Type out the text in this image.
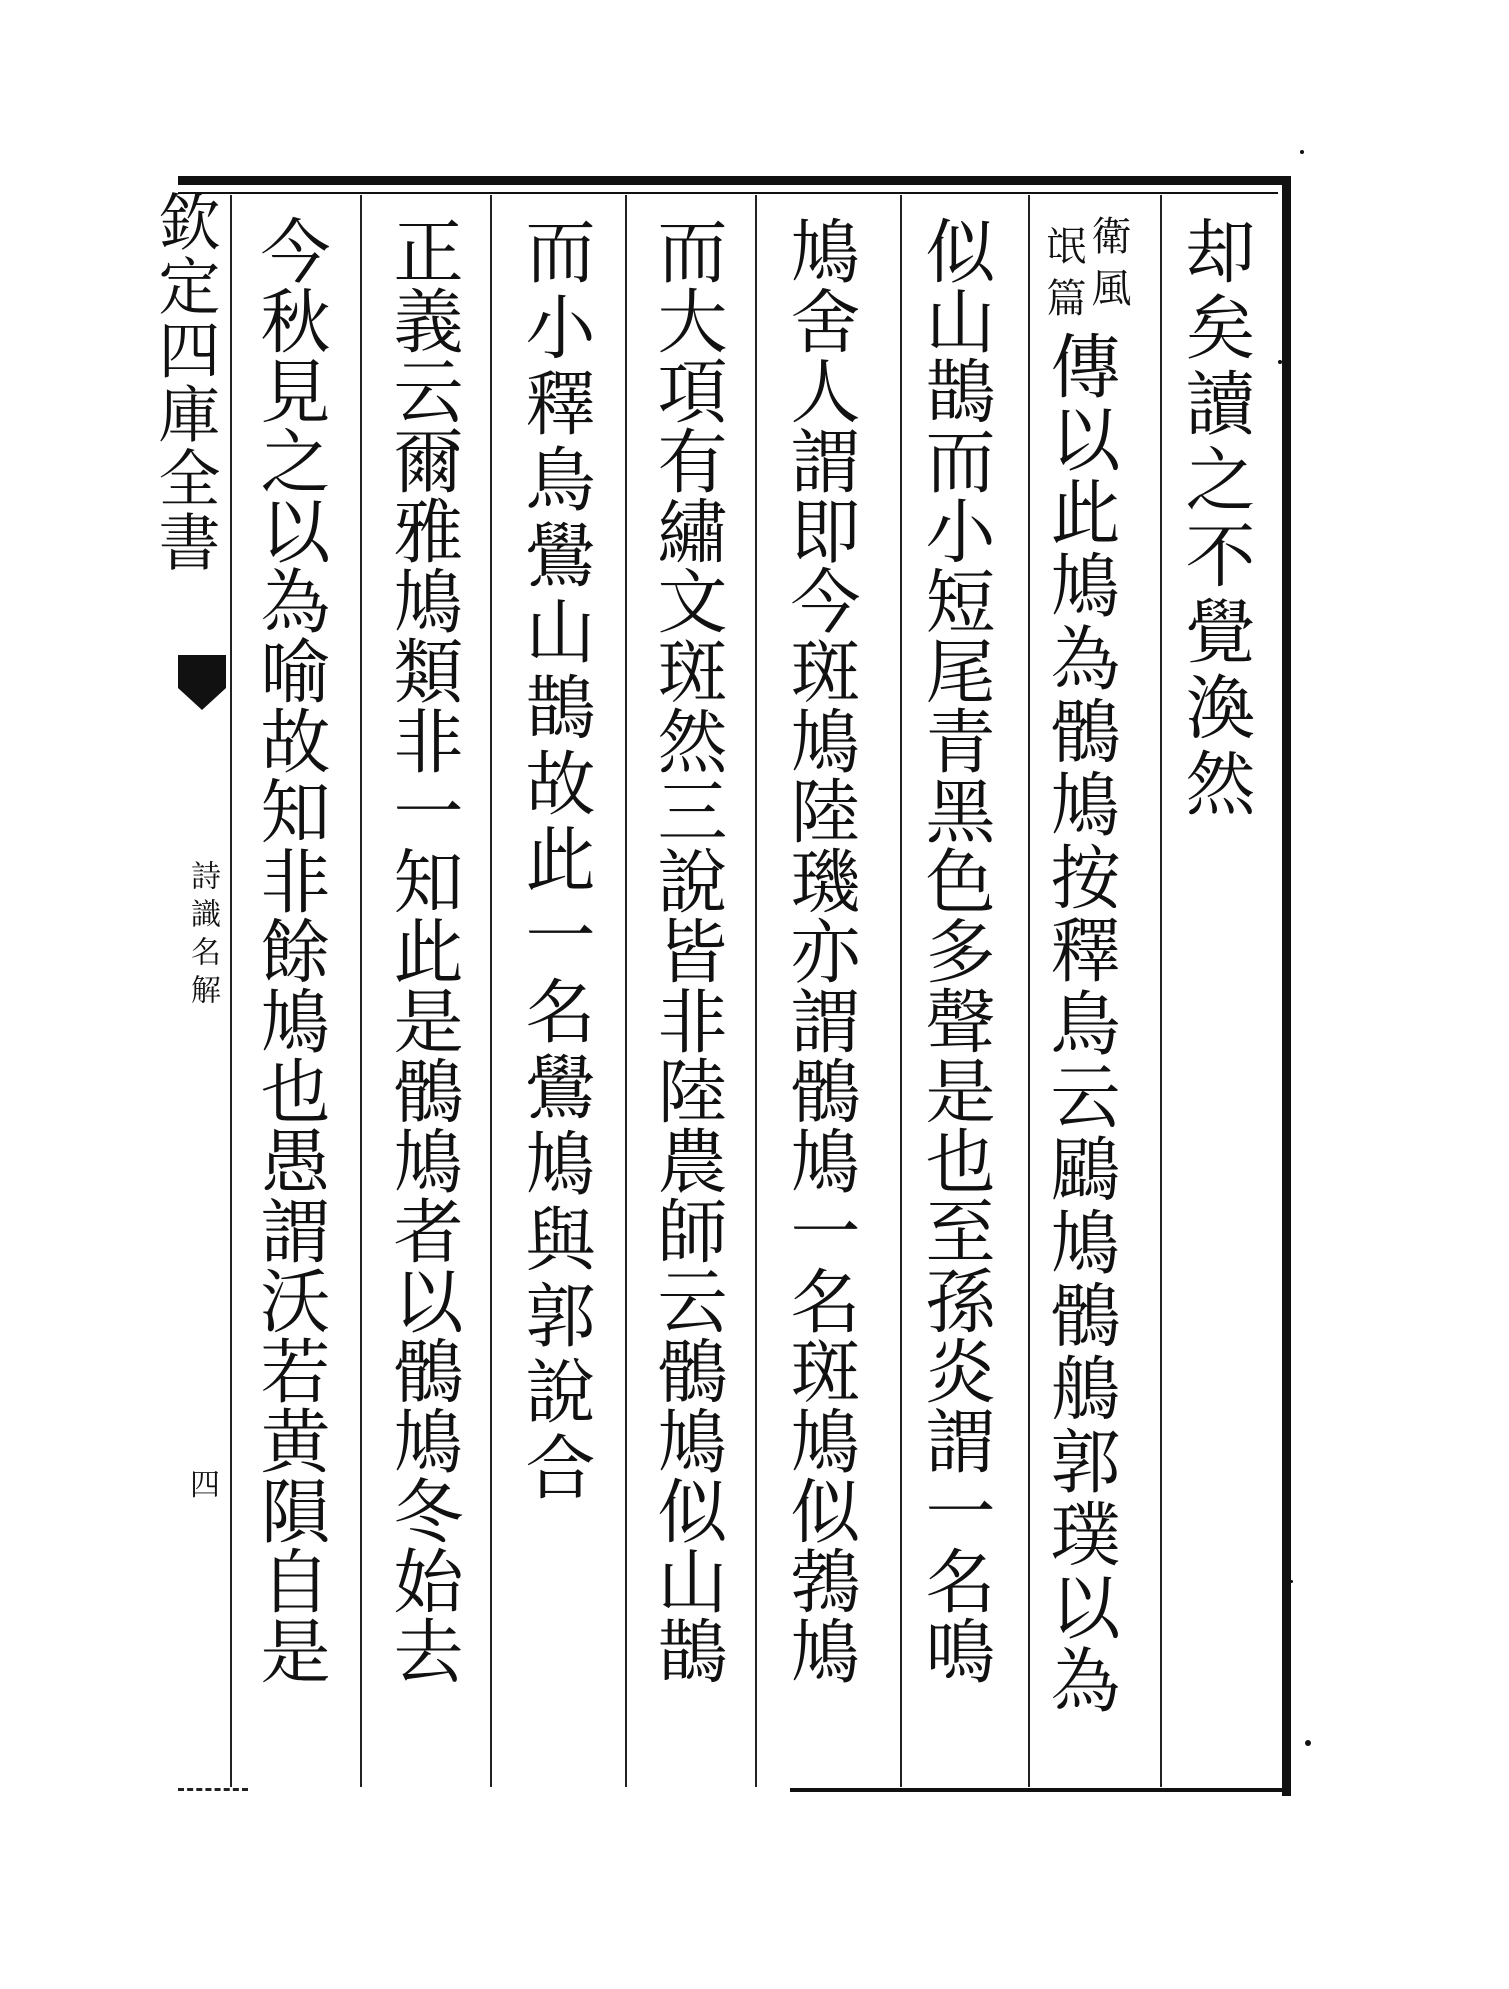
欽定四庫全書
詩識名解
四
却矣讀之不覺渙然
衛風
氓篇
傳以此鳩為鶻鳩按釋鳥云鶌鳩鶻鵃郭璞以為
似山鵲而小短尾青黑色多聲是也至孫炎謂一名鳴
鳩舍人謂即今斑鳩陸璣亦謂鶻鳩一名斑鳩似鵓鳩
而大項有繡文斑然三說皆非陸農師云鶻鳩似山鵲
而小釋鳥鷽山鵲故此一名鷽鳩與郭說合
正義云爾雅鳩類非一知此是鶻鳩者以鶻鳩冬始去
今秋見之以為喻故知非餘鳩也愚謂沃若黄隕自是
